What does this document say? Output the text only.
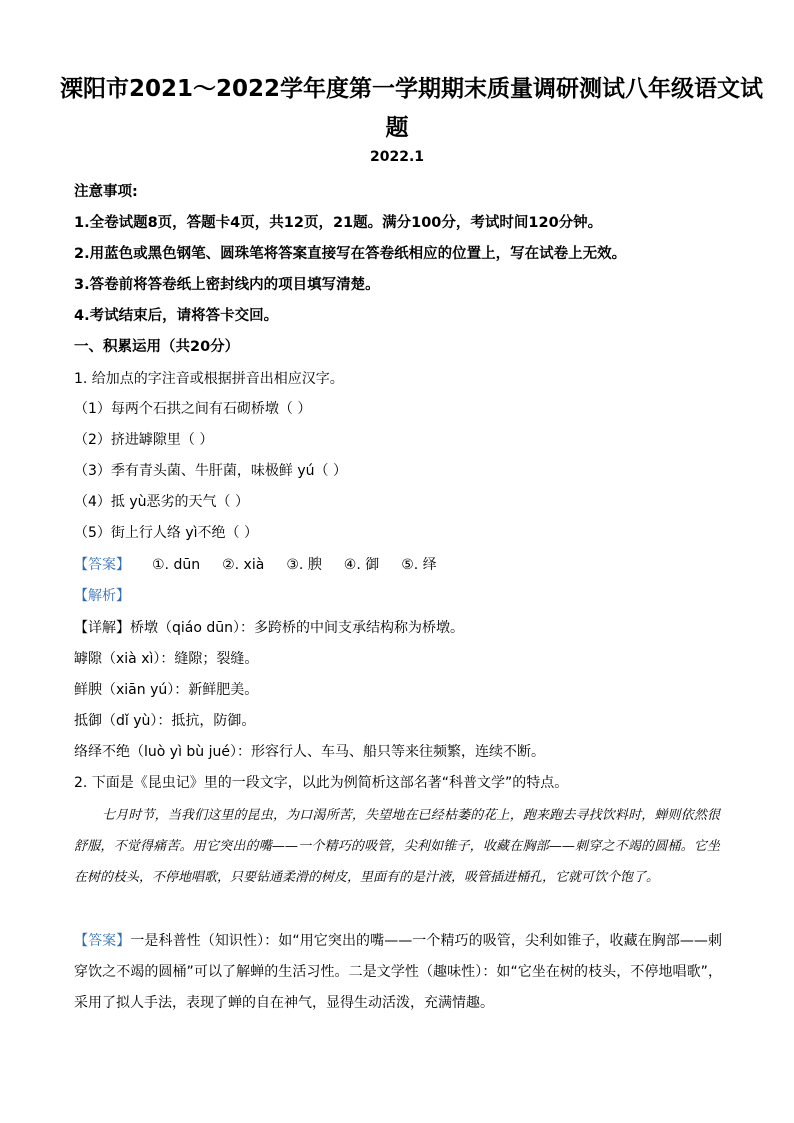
溧阳市2021～2022学年度第一学期期末质量调研测试八年级语文试
题
2022.1
注意事项:
1.全卷试题8页，答题卡4页，共12页，21题。满分100分，考试时间120分钟。
2.用蓝色或黑色钢笔、圆珠笔将答案直接写在答卷纸相应的位置上，写在试卷上无效。
3.答卷前将答卷纸上密封线内的项目填写清楚。
4.考试结束后，请将答卡交回。
一、积累运用（共20分）
1. 给加点的字注音或根据拼音出相应汉字。
（1）每两个石拱之间有石砌桥墩（ ）
（2）挤进罅隙里（ ）
（3）季有青头菌、牛肝菌，味极鲜 yú（ ）
（4）抵 yù恶劣的天气（ ）
（5）街上行人络 yì不绝（ ）
【答案】 ①. dūn ②. xià ③. 腴 ④. 御 ⑤. 绎
【解析】
【详解】桥墩（qiáo dūn）：多跨桥的中间支承结构称为桥墩。
罅隙（xià xì）：缝隙；裂缝。
鲜腴（xiān yú）：新鲜肥美。
抵御（dǐ yù）：抵抗，防御。
络绎不绝（luò yì bù jué）：形容行人、车马、船只等来往频繁，连续不断。
2. 下面是《昆虫记》里的一段文字，以此为例简析这部名著“科普文学”的特点。
七月时节，当我们这里的昆虫，为口渴所苦，失望地在已经枯萎的花上，跑来跑去寻找饮料时，蝉则依然很舒服，不觉得痛苦。用它突出的嘴——一个精巧的吸管，尖利如锥子，收藏在胸部——刺穿之不竭的圆桶。它坐在树的枝头，不停地唱歌，只要钻通柔滑的树皮，里面有的是汁液，吸管插进桶孔，它就可饮个饱了。
【答案】一是科普性（知识性）：如“用它突出的嘴——一个精巧的吸管，尖利如锥子，收藏在胸部——刺穿饮之不竭的圆桶”可以了解蝉的生活习性。二是文学性（趣味性）：如“它坐在树的枝头，不停地唱歌”，采用了拟人手法，表现了蝉的自在神气，显得生动活泼，充满情趣。
